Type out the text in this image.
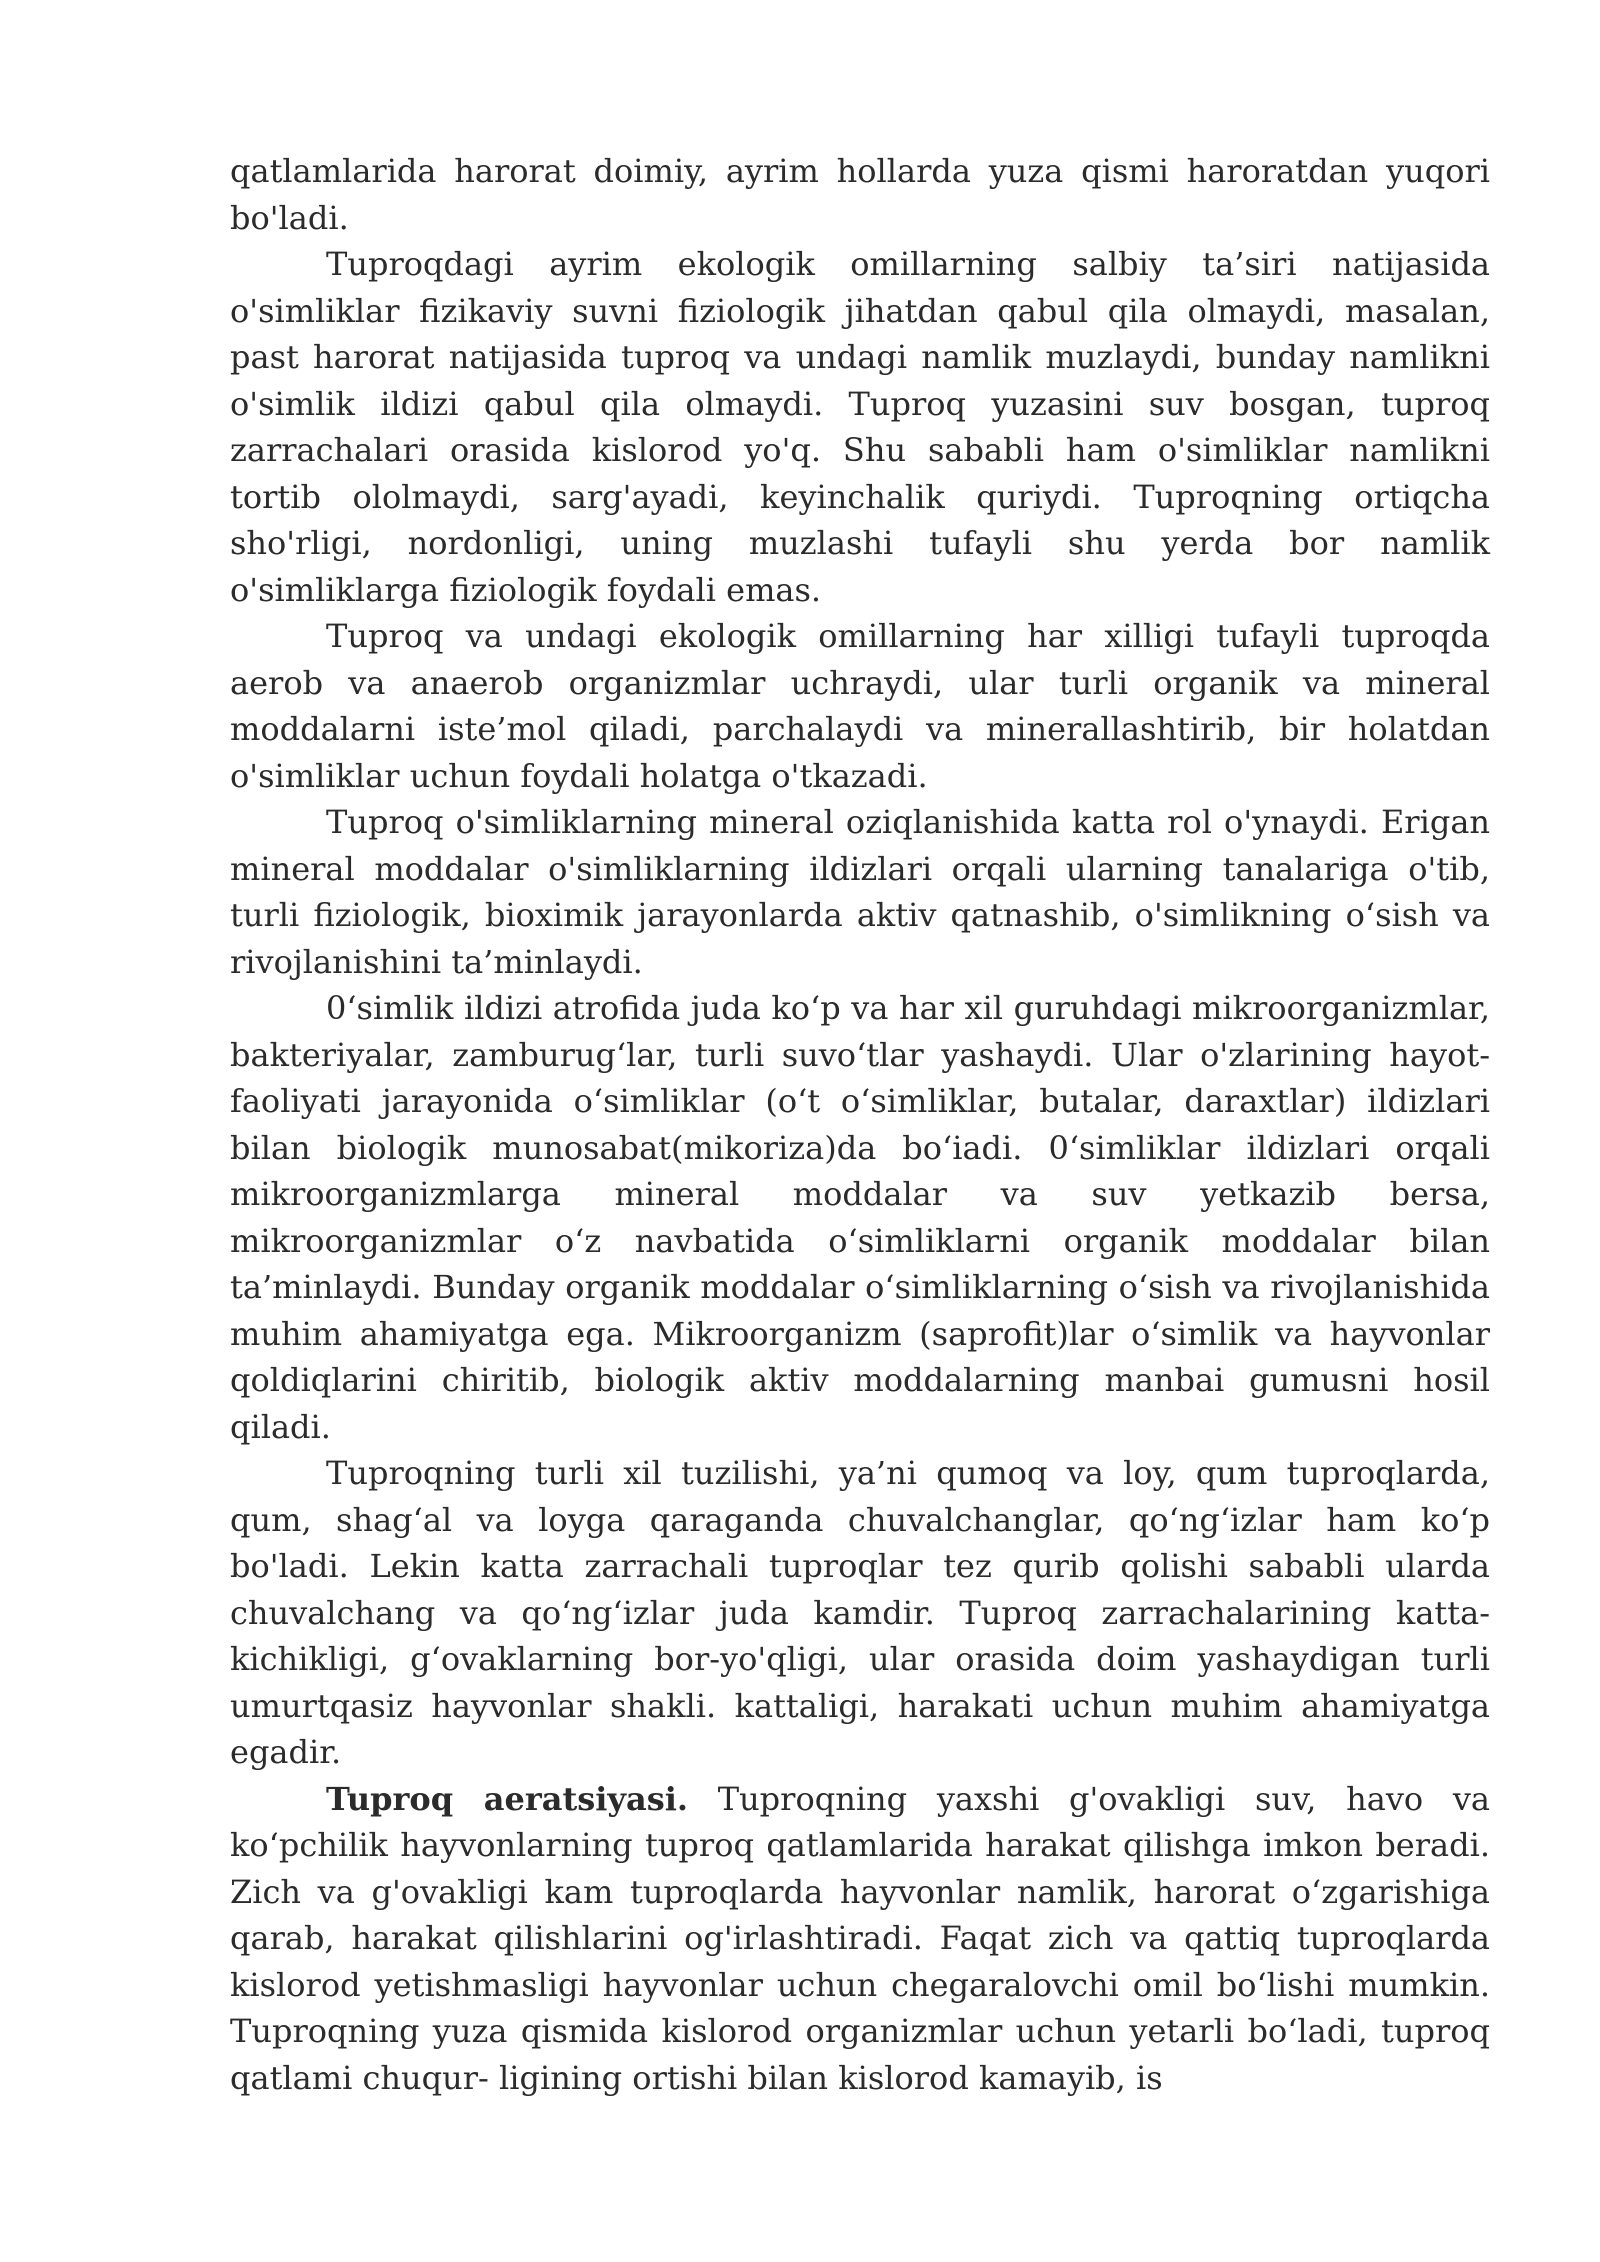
qatlamlarida harorat doimiy, ayrim hollarda yuza qismi haroratdan yuqori bo'ladi.

Tuproqdagi ayrim ekologik omillarning salbiy ta’siri natijasida o'simliklar fizikaviy suvni fiziologik jihatdan qabul qila olmaydi, masalan, past harorat natijasida tuproq va undagi namlik muzlaydi, bunday namlikni o'simlik ildizi qabul qila olmaydi. Tuproq yuzasini suv bosgan, tuproq zarrachalari orasida kislorod yo'q. Shu sababli ham o'simliklar namlikni tortib ololmaydi, sarg'ayadi, keyinchalik quriydi. Tuproqning ortiqcha sho'rligi, nordonligi, uning muzlashi tufayli shu yerda bor namlik o'simliklarga fiziologik foydali emas.

Tuproq va undagi ekologik omillarning har xilligi tufayli tuproqda aerob va anaerob organizmlar uchraydi, ular turli organik va mineral moddalarni iste’mol qiladi, parchalaydi va minerallashtirib, bir holatdan o'simliklar uchun foydali holatga o'tkazadi.

Tuproq o'simliklarning mineral oziqlanishida katta rol o'ynaydi. Erigan mineral moddalar o'simliklarning ildizlari orqali ularning tanalariga o'tib, turli fiziologik, bioximik jarayonlarda aktiv qatnashib, o'simlikning o‘sish va rivojlanishini ta’minlaydi.

0‘simlik ildizi atrofida juda ko‘p va har xil guruhdagi mikroorganizmlar, bakteriyalar, zamburug‘lar, turli suvo‘tlar yashaydi. Ular o'zlarining hayot-faoliyati jarayonida o‘simliklar (o‘t o‘simliklar, butalar, daraxtlar) ildizlari bilan biologik munosabat(mikoriza)da bo‘iadi. 0‘simliklar ildizlari orqali mikroorganizmlarga mineral moddalar va suv yetkazib bersa, mikroorganizmlar o‘z navbatida o‘simliklarni organik moddalar bilan ta’minlaydi. Bunday organik moddalar o‘simliklarning o‘sish va rivojlanishida muhim ahamiyatga ega. Mikroorganizm (saprofit)lar o‘simlik va hayvonlar qoldiqlarini chiritib, biologik aktiv moddalarning manbai gumusni hosil qiladi.

Tuproqning turli xil tuzilishi, ya’ni qumoq va loy, qum tuproqlarda, qum, shag‘al va loyga qaraganda chuvalchanglar, qo‘ng‘izlar ham ko‘p bo'ladi. Lekin katta zarrachali tuproqlar tez qurib qolishi sababli ularda chuvalchang va qo‘ng‘izlar juda kamdir. Tuproq zarrachalarining katta-kichikligi, g‘ovaklarning bor-yo'qligi, ular orasida doim yashaydigan turli umurtqasiz hayvonlar shakli. kattaligi, harakati uchun muhim ahamiyatga egadir.

Tuproq aeratsiyasi. Tuproqning yaxshi g'ovakligi suv, havo va ko‘pchilik hayvonlarning tuproq qatlamlarida harakat qilishga imkon beradi. Zich va g'ovakligi kam tuproqlarda hayvonlar namlik, harorat o‘zgarishiga qarab, harakat qilishlarini og'irlashtiradi. Faqat zich va qattiq tuproqlarda kislorod yetishmasligi hayvonlar uchun chegaralovchi omil bo‘lishi mumkin. Tuproqning yuza qismida kislorod organizmlar uchun yetarli bo‘ladi, tuproq qatlami chuqur- ligining ortishi bilan kislorod kamayib, is
